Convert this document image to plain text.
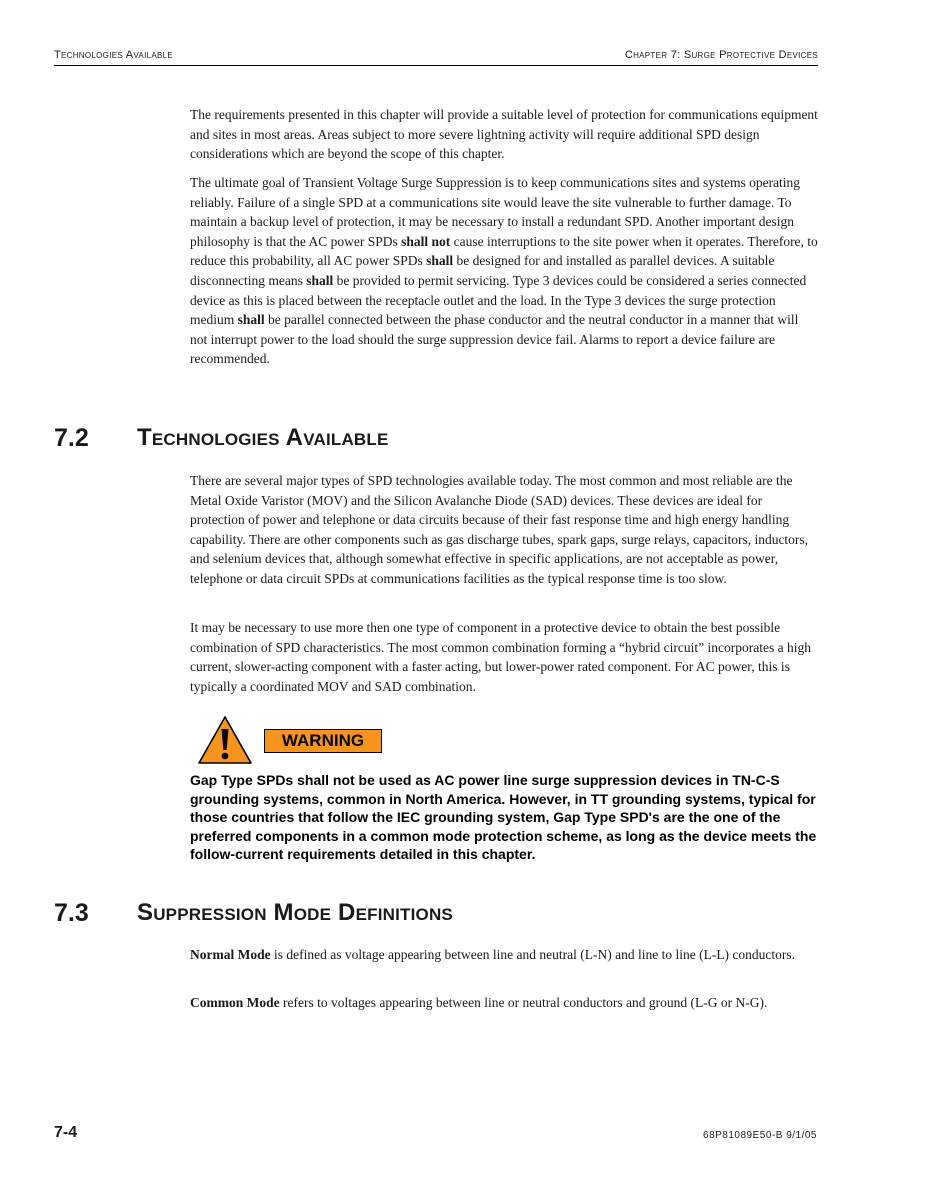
Technologies Available	Chapter 7: Surge Protective Devices

The requirements presented in this chapter will provide a suitable level of protection for communications equipment and sites in most areas. Areas subject to more severe lightning activity will require additional SPD design considerations which are beyond the scope of this chapter.

The ultimate goal of Transient Voltage Surge Suppression is to keep communications sites and systems operating reliably. Failure of a single SPD at a communications site would leave the site vulnerable to further damage. To maintain a backup level of protection, it may be necessary to install a redundant SPD. Another important design philosophy is that the AC power SPDs shall not cause interruptions to the site power when it operates. Therefore, to reduce this probability, all AC power SPDs shall be designed for and installed as parallel devices. A suitable disconnecting means shall be provided to permit servicing. Type 3 devices could be considered a series connected device as this is placed between the receptacle outlet and the load. In the Type 3 devices the surge protection medium shall be parallel connected between the phase conductor and the neutral conductor in a manner that will not interrupt power to the load should the surge suppression device fail. Alarms to report a device failure are recommended.

7.2 Technologies Available

There are several major types of SPD technologies available today. The most common and most reliable are the Metal Oxide Varistor (MOV) and the Silicon Avalanche Diode (SAD) devices. These devices are ideal for protection of power and telephone or data circuits because of their fast response time and high energy handling capability. There are other components such as gas discharge tubes, spark gaps, surge relays, capacitors, inductors, and selenium devices that, although somewhat effective in specific applications, are not acceptable as power, telephone or data circuit SPDs at communications facilities as the typical response time is too slow.

It may be necessary to use more then one type of component in a protective device to obtain the best possible combination of SPD characteristics. The most common combination forming a “hybrid circuit” incorporates a high current, slower-acting component with a faster acting, but lower-power rated component. For AC power, this is typically a coordinated MOV and SAD combination.

WARNING

Gap Type SPDs shall not be used as AC power line surge suppression devices in TN-C-S grounding systems, common in North America. However, in TT grounding systems, typical for those countries that follow the IEC grounding system, Gap Type SPD's are the one of the preferred components in a common mode protection scheme, as long as the device meets the follow-current requirements detailed in this chapter.

7.3 Suppression Mode Definitions

Normal Mode is defined as voltage appearing between line and neutral (L-N) and line to line (L-L) conductors.

Common Mode refers to voltages appearing between line or neutral conductors and ground (L-G or N-G).

7-4	68P81089E50-B 9/1/05
